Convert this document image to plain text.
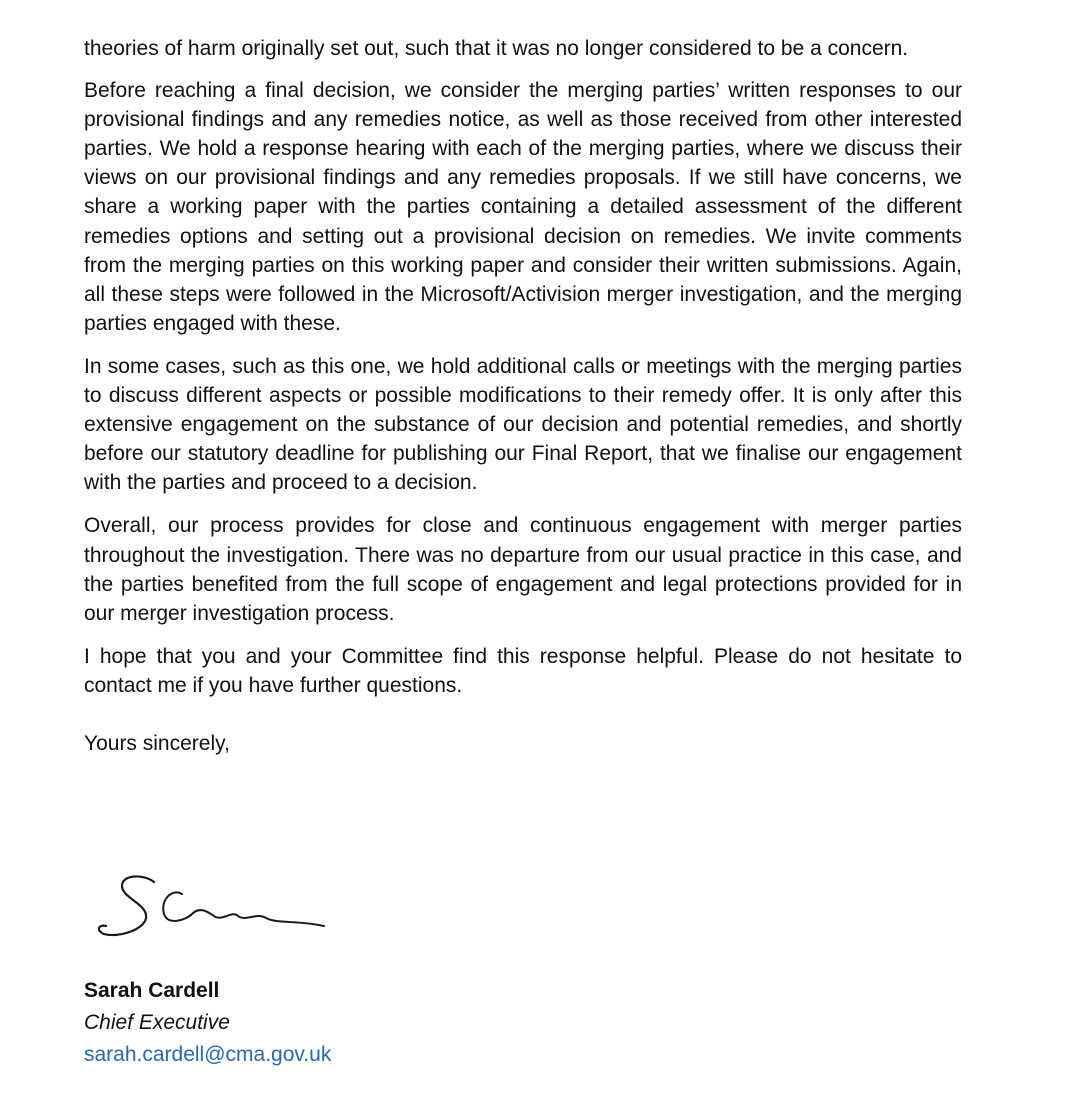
theories of harm originally set out, such that it was no longer considered to be a concern.

Before reaching a final decision, we consider the merging parties’ written responses to our provisional findings and any remedies notice, as well as those received from other interested parties. We hold a response hearing with each of the merging parties, where we discuss their views on our provisional findings and any remedies proposals. If we still have concerns, we share a working paper with the parties containing a detailed assessment of the different remedies options and setting out a provisional decision on remedies. We invite comments from the merging parties on this working paper and consider their written submissions. Again, all these steps were followed in the Microsoft/Activision merger investigation, and the merging parties engaged with these.

In some cases, such as this one, we hold additional calls or meetings with the merging parties to discuss different aspects or possible modifications to their remedy offer. It is only after this extensive engagement on the substance of our decision and potential remedies, and shortly before our statutory deadline for publishing our Final Report, that we finalise our engagement with the parties and proceed to a decision.

Overall, our process provides for close and continuous engagement with merger parties throughout the investigation. There was no departure from our usual practice in this case, and the parties benefited from the full scope of engagement and legal protections provided for in our merger investigation process.

I hope that you and your Committee find this response helpful. Please do not hesitate to contact me if you have further questions.

Yours sincerely,

Sarah Cardell
Chief Executive
sarah.cardell@cma.gov.uk
